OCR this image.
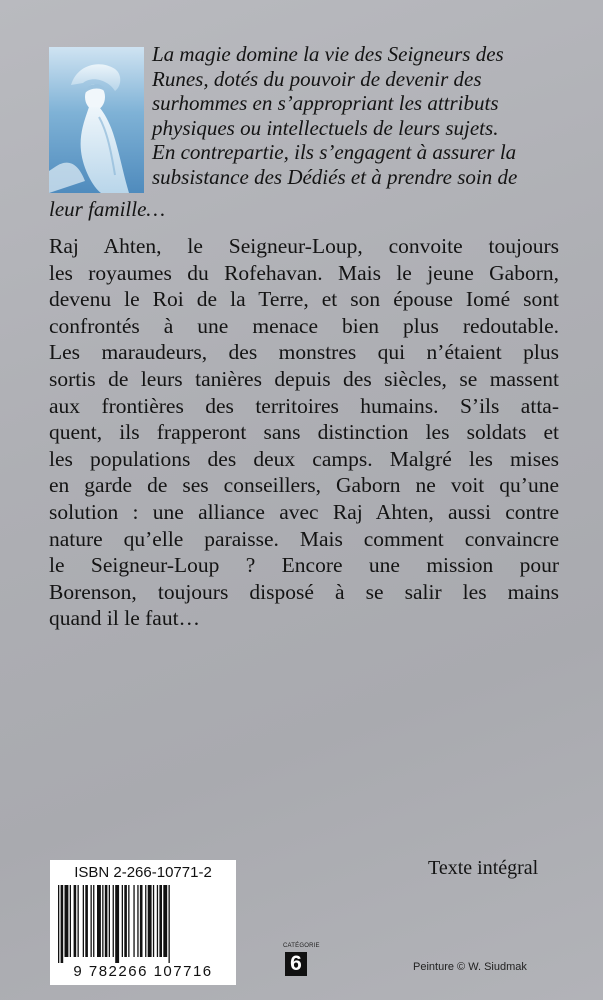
La magie domine la vie des Seigneurs des
Runes, dotés du pouvoir de devenir des
surhommes en s’appropriant les attributs
physiques ou intellectuels de leurs sujets.
En contrepartie, ils s’engagent à assurer la
subsistance des Dédiés et à prendre soin de
leur famille…
Raj Ahten, le Seigneur-Loup, convoite toujours
les royaumes du Rofehavan. Mais le jeune Gaborn,
devenu le Roi de la Terre, et son épouse Iomé sont
confrontés à une menace bien plus redoutable.
Les maraudeurs, des monstres qui n’étaient plus
sortis de leurs tanières depuis des siècles, se massent
aux frontières des territoires humains. S’ils atta-
quent, ils frapperont sans distinction les soldats et
les populations des deux camps. Malgré les mises
en garde de ses conseillers, Gaborn ne voit qu’une
solution : une alliance avec Raj Ahten, aussi contre
nature qu’elle paraisse. Mais comment convaincre
le Seigneur-Loup ? Encore une mission pour
Borenson, toujours disposé à se salir les mains
quand il le faut…
Texte intégral
ISBN 2-266-10771-2
9 782266 107716
CATÉGORIE
6	Peinture © W. Siudmak
